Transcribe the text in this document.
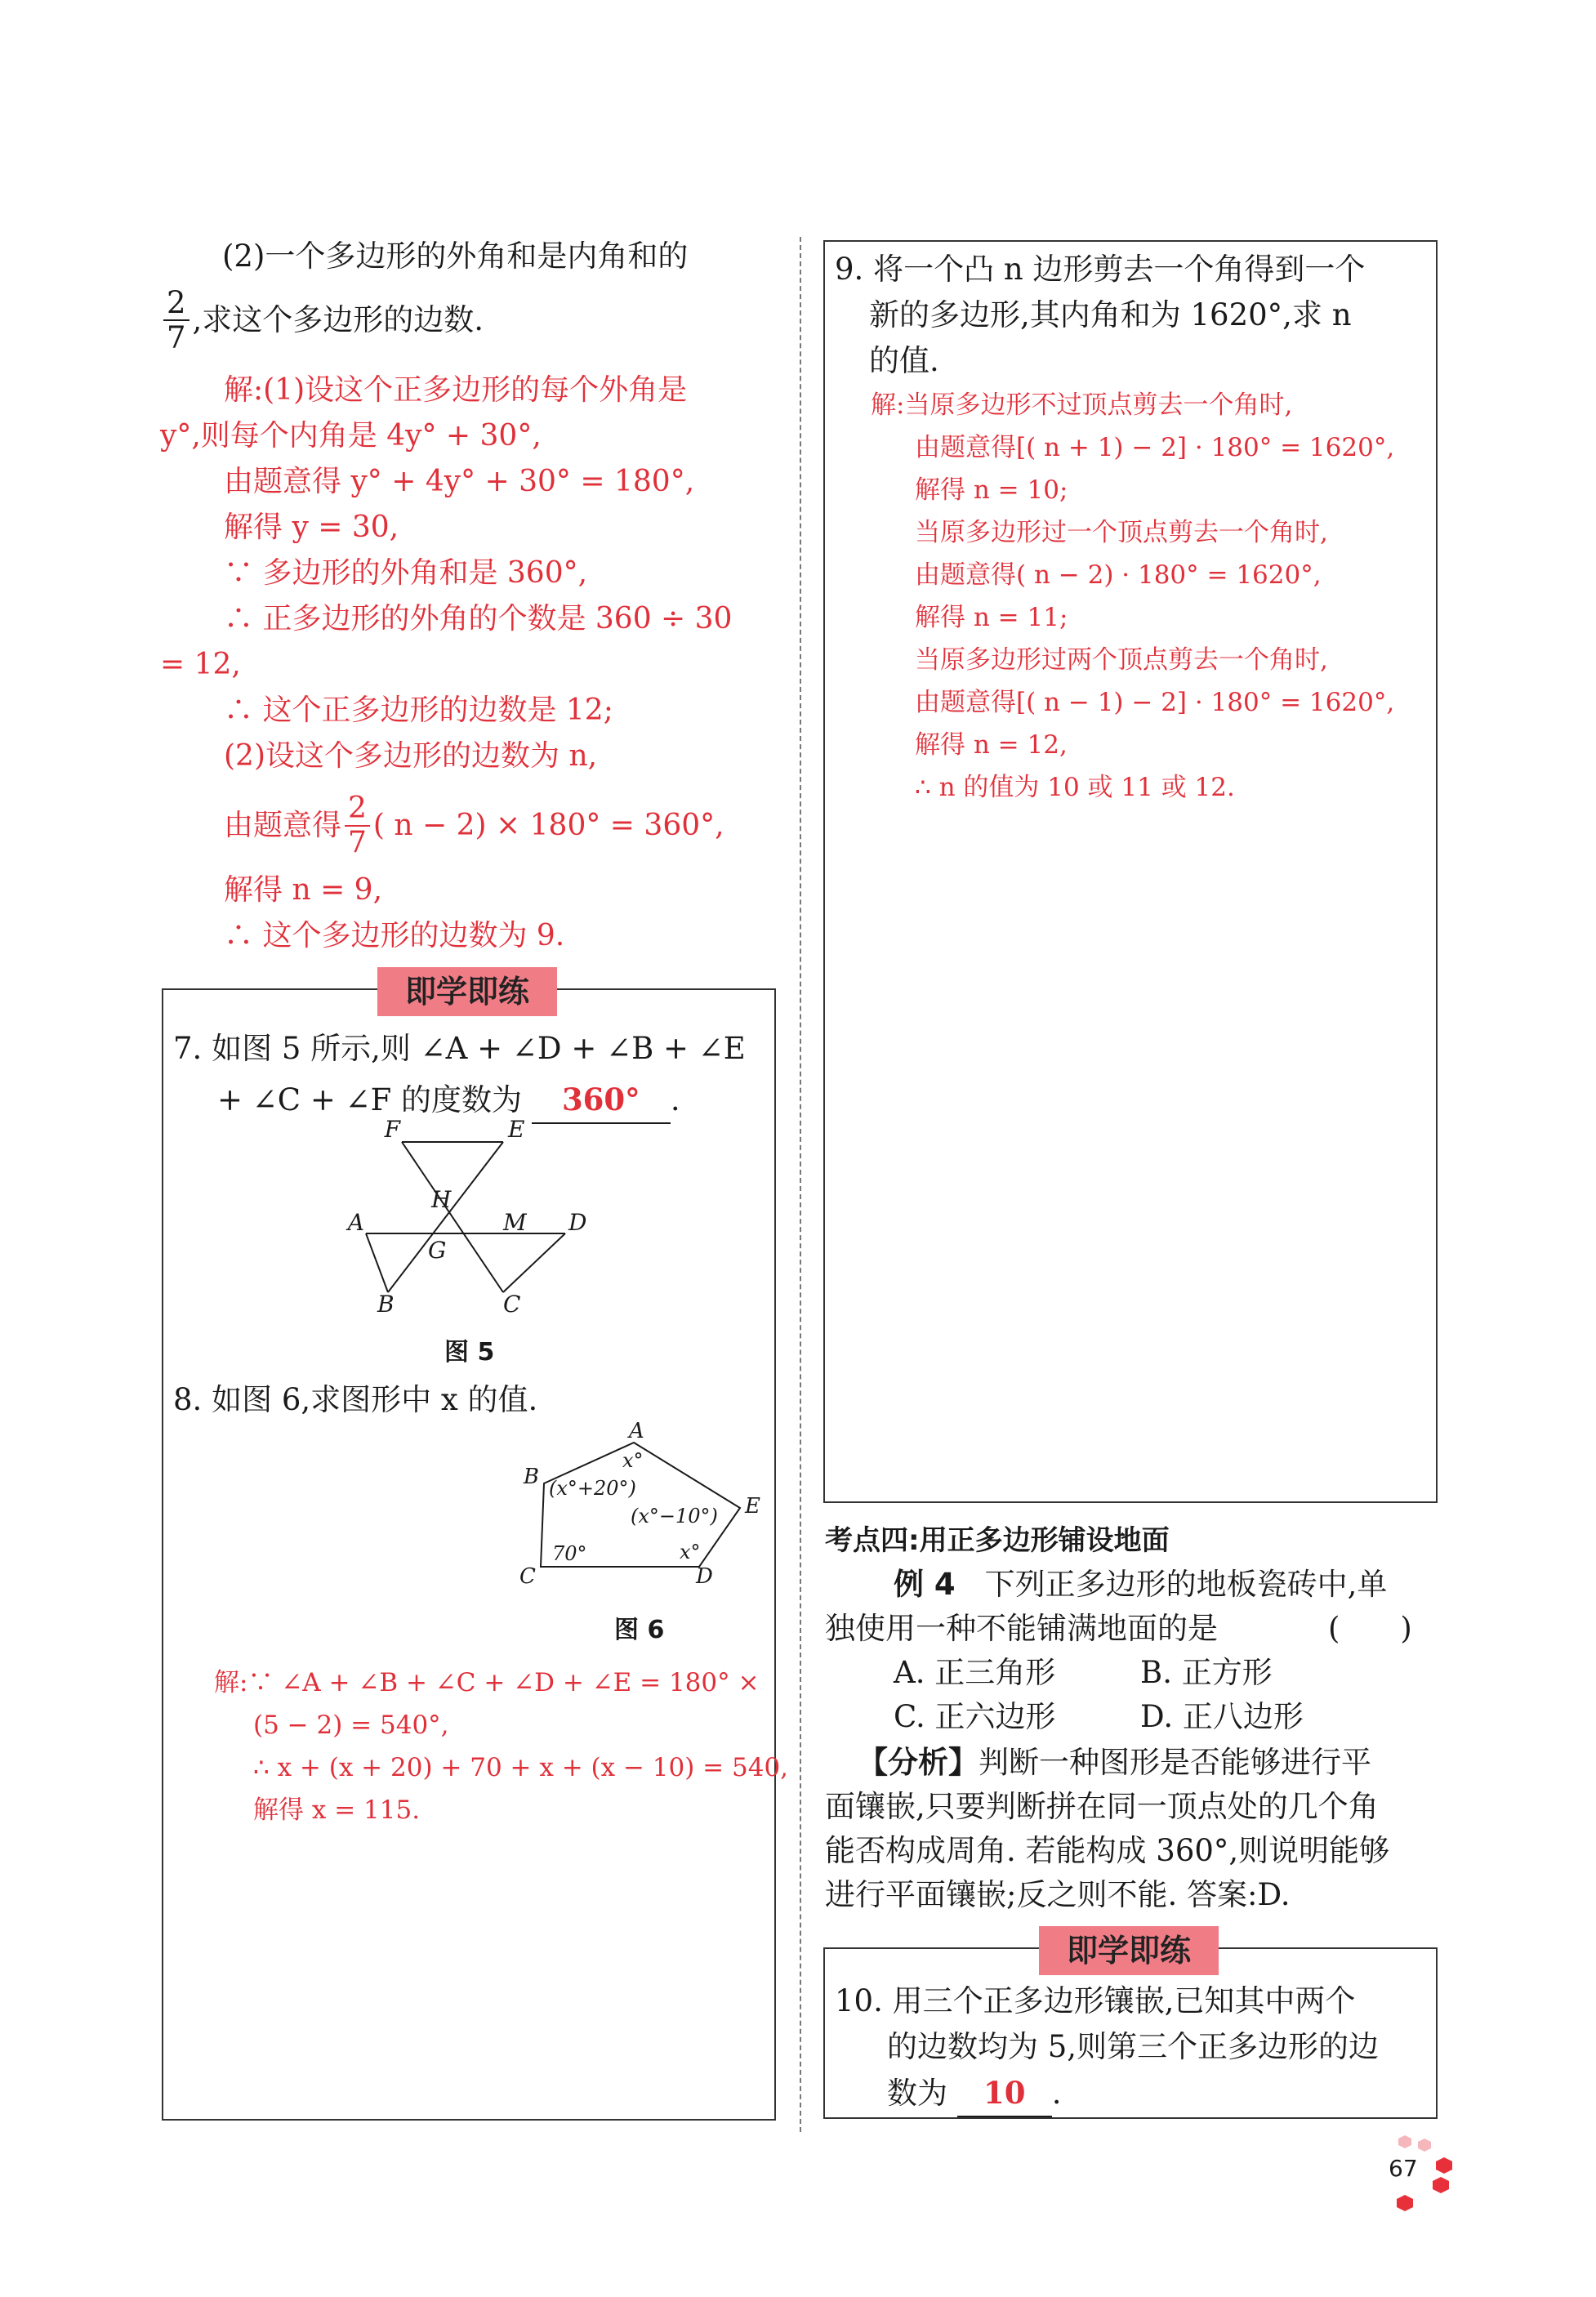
(2)一个多边形的外角和是内角和的
$\frac{2}{7}$ ,求这个多边形的边数.
解:(1)设这个正多边形的每个外角是
y°,则每个内角是 4y° + 30°,
由题意得 y° + 4y° + 30° = 180°,
解得 y = 30,
∵ 多边形的外角和是 360°,
∴ 正多边形的外角的个数是 360 ÷ 30
= 12,
∴ 这个正多边形的边数是 12;
(2)设这个多边形的边数为 n,
由题意得 $\frac{2}{7}$ ( n − 2) × 180° = 360°,
解得 n = 9,
∴ 这个多边形的边数为 9.
即学即练
7. 如图 5 所示,则 ∠A + ∠D + ∠B + ∠E
+ ∠C + ∠F 的度数为 360° .
F	E
H
A	M D
G
B	C
图 5
8. 如图 6,求图形中 x 的值.
A
B
C	D
E
x°
(x°+20°)
(x°−10°)
70°	x°
图 6
解:∵ ∠A + ∠B + ∠C + ∠D + ∠E = 180° ×
(5 − 2) = 540°,
∴ x + (x + 20) + 70 + x + (x − 10) = 540,
解得 x = 115.
9. 将一个凸 n 边形剪去一个角得到一个
新的多边形,其内角和为 1620°,求 n
的值.
解:当原多边形不过顶点剪去一个角时,
由题意得[( n + 1) − 2] · 180° = 1620°,
解得 n = 10;
当原多边形过一个顶点剪去一个角时,
由题意得( n − 2) · 180° = 1620°,
解得 n = 11;
当原多边形过两个顶点剪去一个角时,
由题意得[( n − 1) − 2] · 180° = 1620°,
解得 n = 12,
∴ n 的值为 10 或 11 或 12.
考点四:用正多边形铺设地面
例 4 下列正多边形的地板瓷砖中,单
独使用一种不能铺满地面的是	(　　)
A. 正三角形	B. 正方形
C. 正六边形	D. 正八边形
【分析】判断一种图形是否能够进行平
面镶嵌,只要判断拼在同一顶点处的几个角
能否构成周角. 若能构成 360°,则说明能够
进行平面镶嵌;反之则不能. 答案:D.
即学即练
10. 用三个正多边形镶嵌,已知其中两个
的边数均为 5,则第三个正多边形的边
数为 10 .
67
